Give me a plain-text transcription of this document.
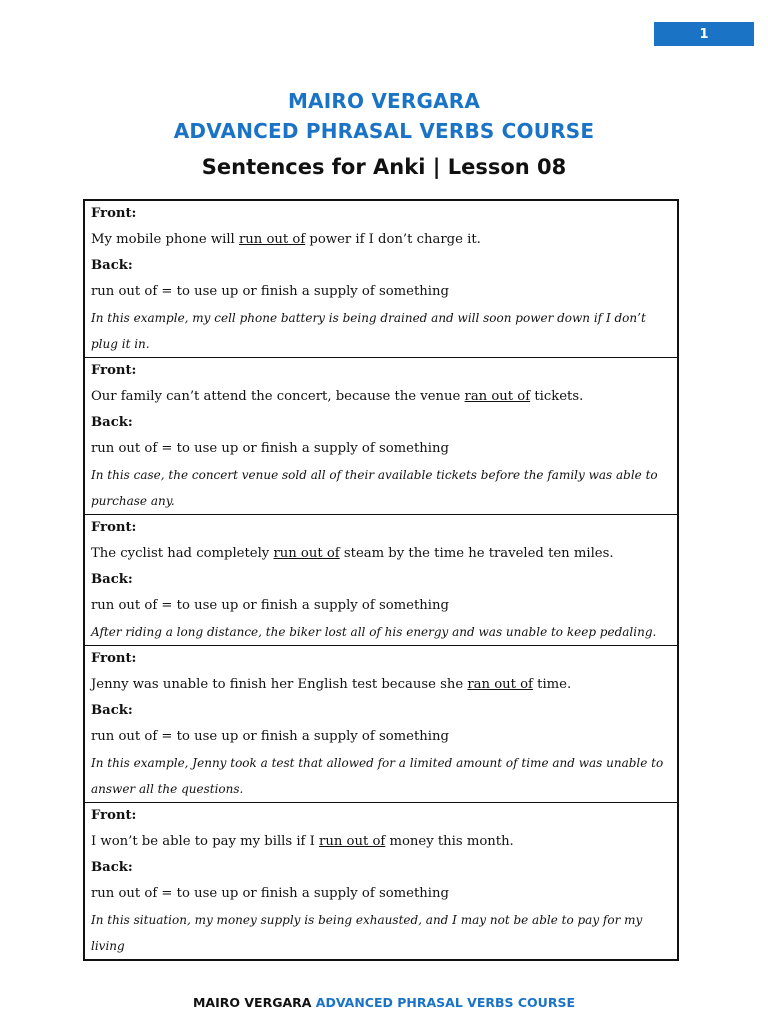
1
MAIRO VERGARA
ADVANCED PHRASAL VERBS COURSE
Sentences for Anki | Lesson 08

Front:

My mobile phone will run out of power if I don’t charge it.

Back:

run out of = to use up or finish a supply of something

In this example, my cell phone battery is being drained and will soon power down if I don’t plug it in.

Front:

Our family can’t attend the concert, because the venue ran out of tickets.

Back:

run out of = to use up or finish a supply of something

In this case, the concert venue sold all of their available tickets before the family was able to purchase any.

Front:

The cyclist had completely run out of steam by the time he traveled ten miles.

Back:

run out of = to use up or finish a supply of something

After riding a long distance, the biker lost all of his energy and was unable to keep pedaling.

Front:

Jenny was unable to finish her English test because she ran out of time.

Back:

run out of = to use up or finish a supply of something

In this example, Jenny took a test that allowed for a limited amount of time and was unable to answer all the questions.

Front:

I won’t be able to pay my bills if I run out of money this month.

Back:

run out of = to use up or finish a supply of something

In this situation, my money supply is being exhausted, and I may not be able to pay for my living

MAIRO VERGARA ADVANCED PHRASAL VERBS COURSE
